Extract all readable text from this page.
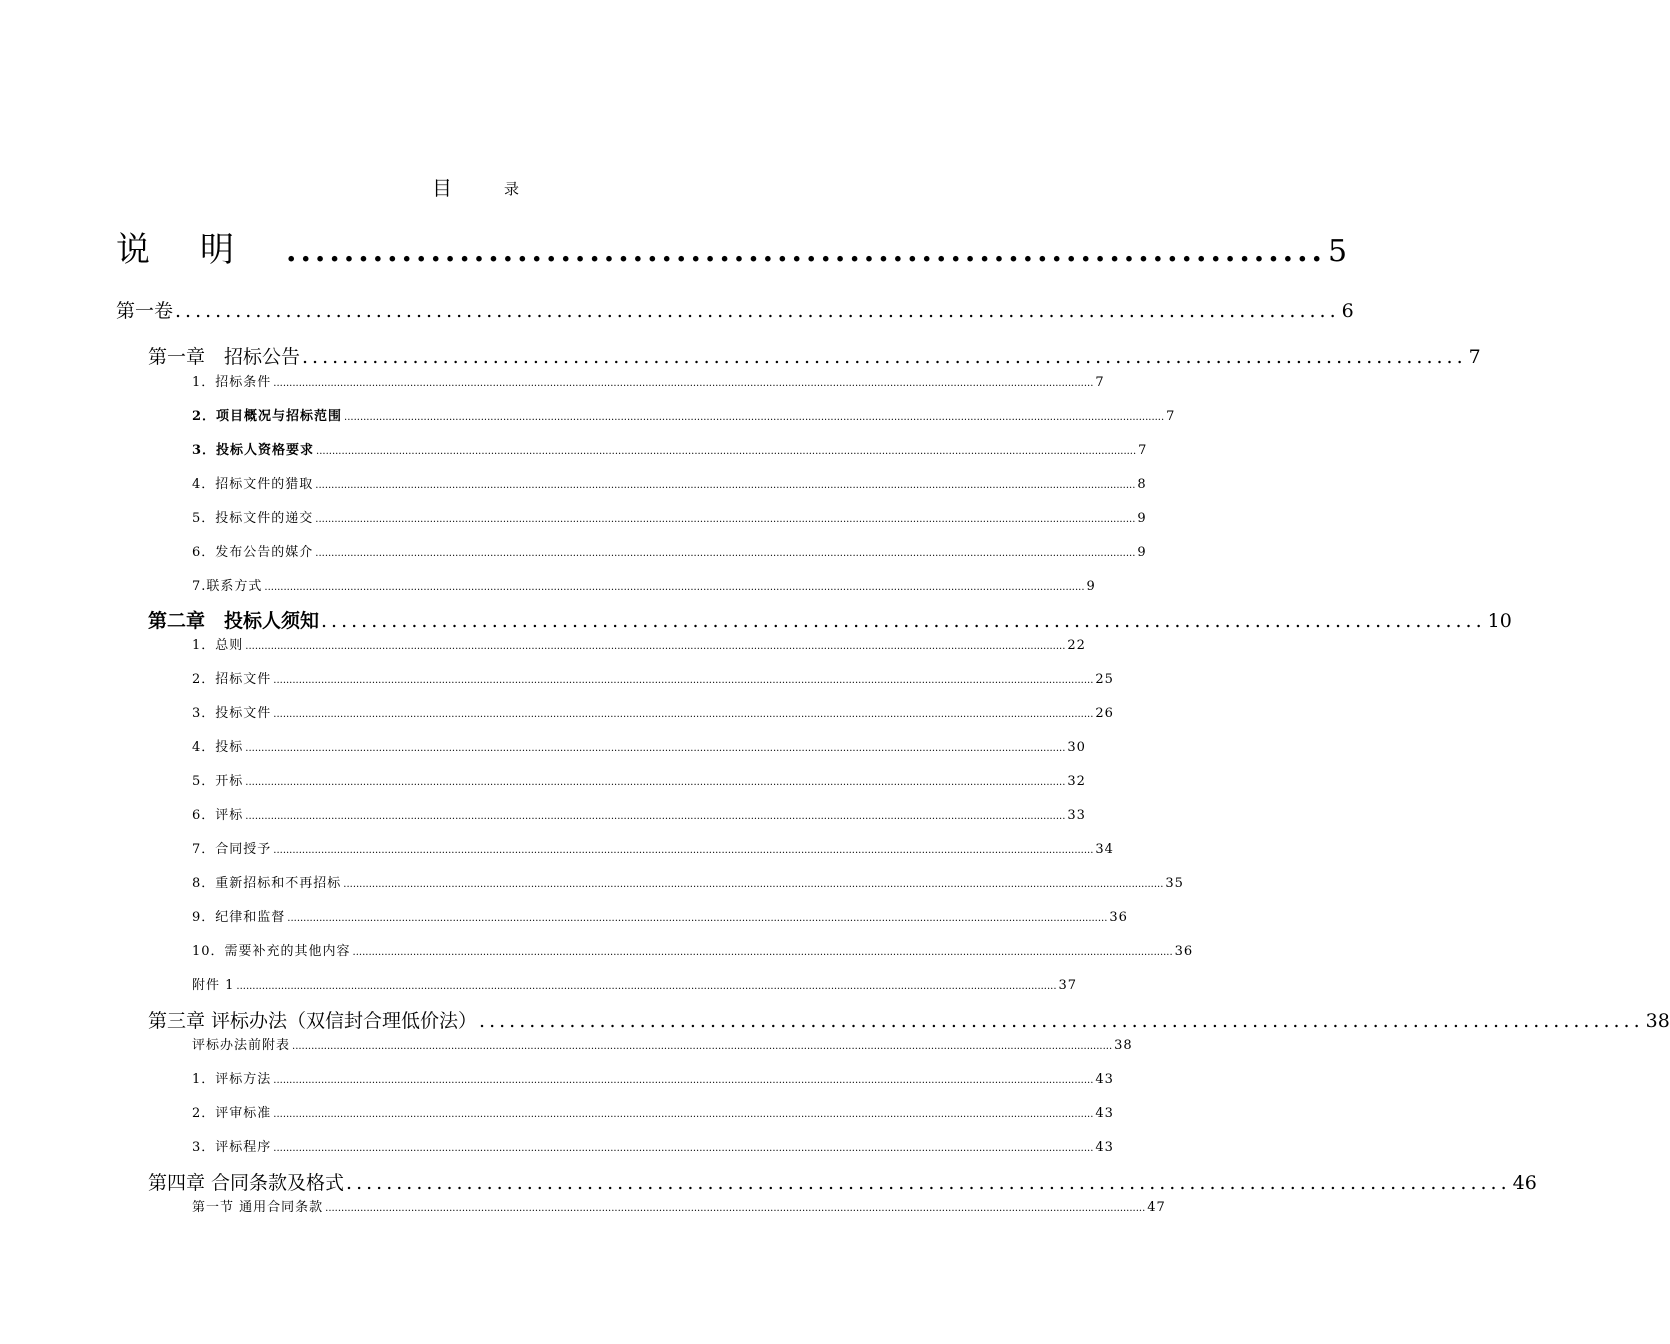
目	录
说明 ........................................................................ 5
第一卷 .................................................................................................................... 6
第一章　招标公告 .................................................................................................................... 7
1．招标条件 .................................................................................................................................................................................................................................................................. 7
2．项目概况与招标范围 .................................................................................................................................................................................................................................................................. 7
3．投标人资格要求 .................................................................................................................................................................................................................................................................. 7
4．招标文件的猎取 .................................................................................................................................................................................................................................................................. 8
5．投标文件的递交 .................................................................................................................................................................................................................................................................. 9
6．发布公告的媒介 .................................................................................................................................................................................................................................................................. 9
7.联系方式 .................................................................................................................................................................................................................................................................. 9
第二章　投标人须知 .................................................................................................................... 10
1．总则 .................................................................................................................................................................................................................................................................. 22
2．招标文件 .................................................................................................................................................................................................................................................................. 25
3．投标文件 .................................................................................................................................................................................................................................................................. 26
4．投标 .................................................................................................................................................................................................................................................................. 30
5．开标 .................................................................................................................................................................................................................................................................. 32
6．评标 .................................................................................................................................................................................................................................................................. 33
7．合同授予 .................................................................................................................................................................................................................................................................. 34
8．重新招标和不再招标 .................................................................................................................................................................................................................................................................. 35
9．纪律和监督 .................................................................................................................................................................................................................................................................. 36
10．需要补充的其他内容 .................................................................................................................................................................................................................................................................. 36
附件 1 .................................................................................................................................................................................................................................................................. 37
第三章 评标办法（双信封合理低价法） .................................................................................................................... 38
评标办法前附表 .................................................................................................................................................................................................................................................................. 38
1．评标方法 .................................................................................................................................................................................................................................................................. 43
2．评审标准 .................................................................................................................................................................................................................................................................. 43
3．评标程序 .................................................................................................................................................................................................................................................................. 43
第四章 合同条款及格式 .................................................................................................................... 46
第一节 通用合同条款 .................................................................................................................................................................................................................................................................. 47
